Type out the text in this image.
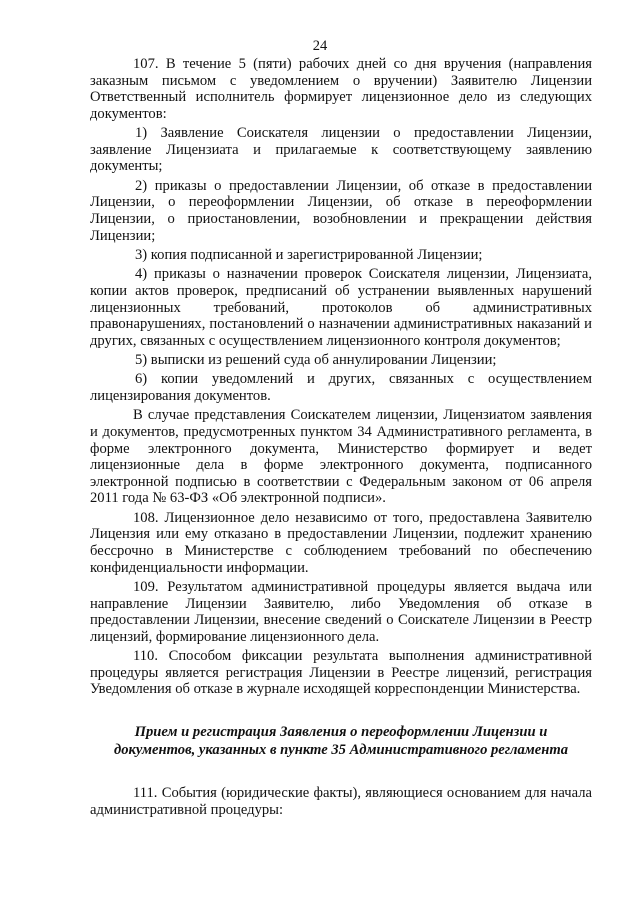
24

107. В течение 5 (пяти) рабочих дней со дня вручения (направления заказным письмом с уведомлением о вручении) Заявителю Лицензии Ответственный исполнитель формирует лицензионное дело из следующих документов:

1) Заявление Соискателя лицензии о предоставлении Лицензии, заявление Лицензиата и прилагаемые к соответствующему заявлению документы;

2) приказы о предоставлении Лицензии, об отказе в предоставлении Лицензии, о переоформлении Лицензии, об отказе в переоформлении Лицензии, о приостановлении, возобновлении и прекращении действия Лицензии;

3) копия подписанной и зарегистрированной Лицензии;

4) приказы о назначении проверок Соискателя лицензии, Лицензиата, копии актов проверок, предписаний об устранении выявленных нарушений лицензионных требований, протоколов об административных правонарушениях, постановлений о назначении административных наказаний и других, связанных с осуществлением лицензионного контроля документов;

5) выписки из решений суда об аннулировании Лицензии;

6) копии уведомлений и других, связанных с осуществлением лицензирования документов.

В случае представления Соискателем лицензии, Лицензиатом заявления и документов, предусмотренных пунктом 34 Административного регламента, в форме электронного документа, Министерство формирует и ведет лицензионные дела в форме электронного документа, подписанного электронной подписью в соответствии с Федеральным законом от 06 апреля 2011 года № 63-ФЗ «Об электронной подписи».

108. Лицензионное дело независимо от того, предоставлена Заявителю Лицензия или ему отказано в предоставлении Лицензии, подлежит хранению бессрочно в Министерстве с соблюдением требований по обеспечению конфиденциальности информации.

109. Результатом административной процедуры является выдача или направление Лицензии Заявителю, либо Уведомления об отказе в предоставлении Лицензии, внесение сведений о Соискателе Лицензии в Реестр лицензий, формирование лицензионного дела.

110. Способом фиксации результата выполнения административной процедуры является регистрация Лицензии в Реестре лицензий, регистрация Уведомления об отказе в журнале исходящей корреспонденции Министерства.

Прием и регистрация Заявления о переоформлении Лицензии и
документов, указанных в пункте 35 Административного регламента

111. События (юридические факты), являющиеся основанием для начала административной процедуры:
